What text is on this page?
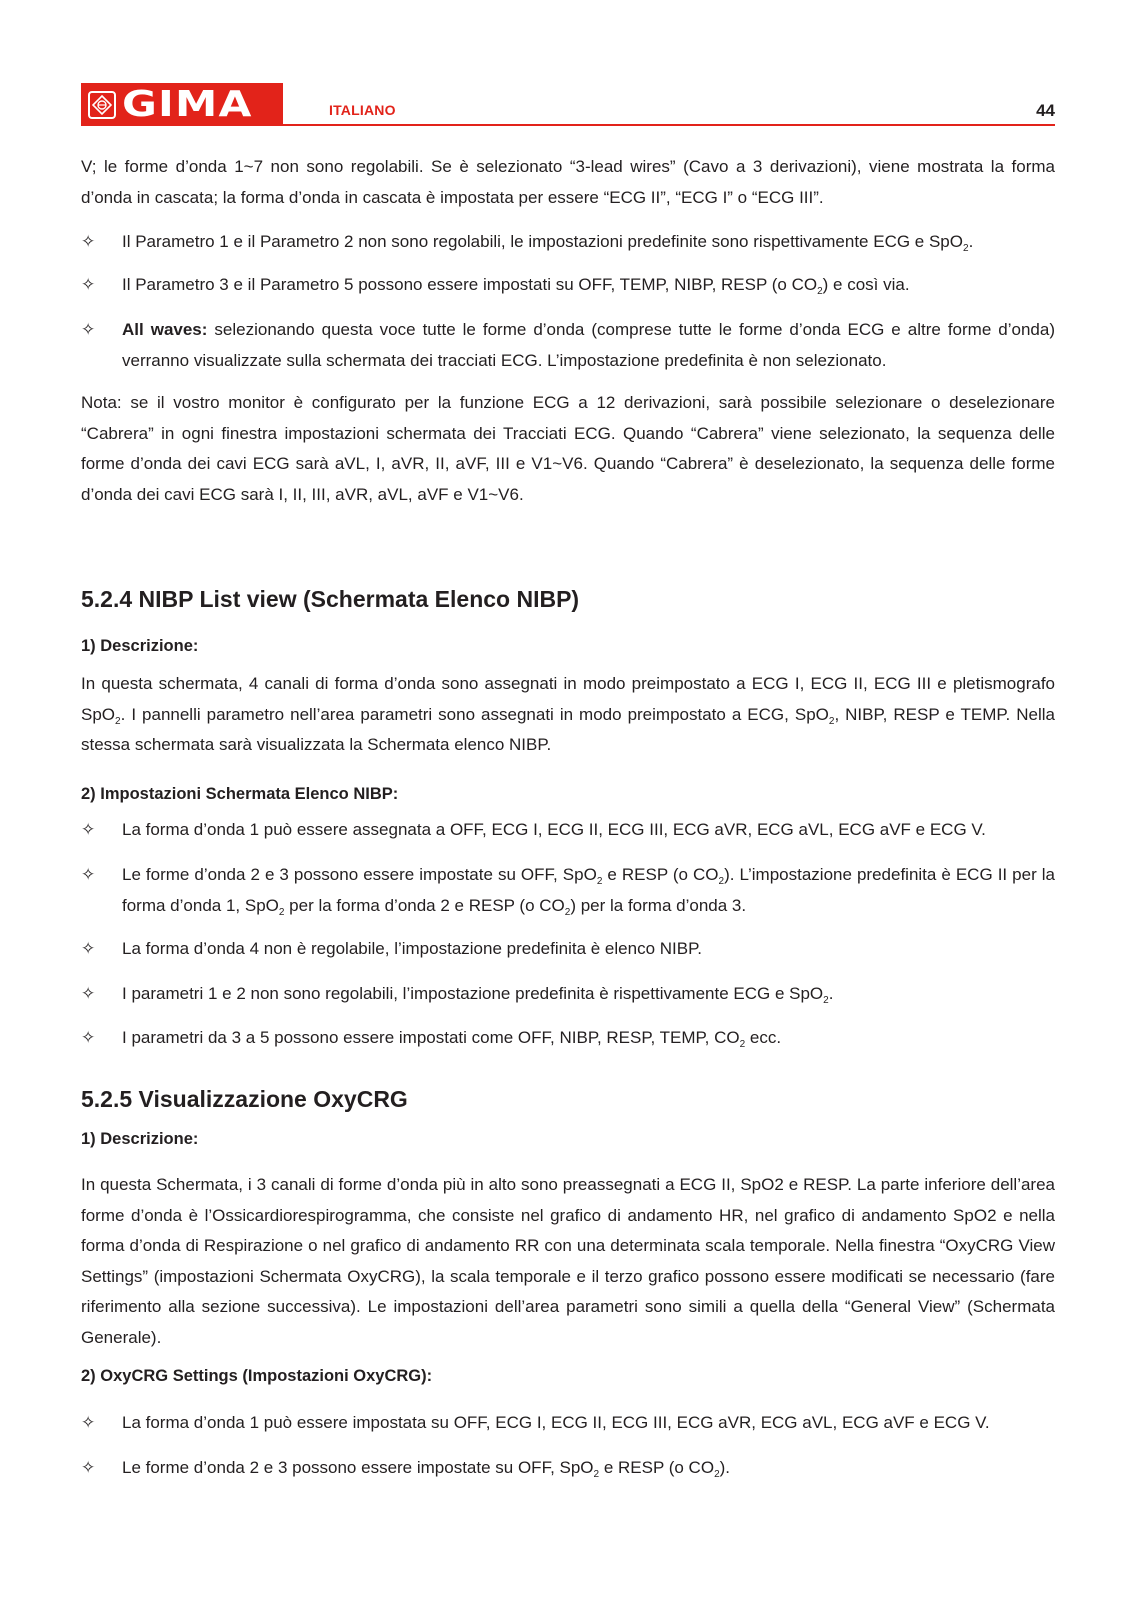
GIMA	ITALIANO	44
V; le forme d’onda 1~7 non sono regolabili. Se è selezionato “3-lead wires” (Cavo a 3 derivazioni), viene mostrata la forma d’onda in cascata; la forma d’onda in cascata è impostata per essere “ECG II”, “ECG I” o “ECG III”.
✧ Il Parametro 1 e il Parametro 2 non sono regolabili, le impostazioni predefinite sono rispettivamente ECG e SpO$_2$.
✧ Il Parametro 3 e il Parametro 5 possono essere impostati su OFF, TEMP, NIBP, RESP (o $CO_2$) e così via.
✧ All waves: selezionando questa voce tutte le forme d’onda (comprese tutte le forme d’onda ECG e altre forme d’onda) verranno visualizzate sulla schermata dei tracciati ECG. L’impostazione predefinita è non selezionato.
Nota: se il vostro monitor è configurato per la funzione ECG a 12 derivazioni, sarà possibile selezionare o deselezionare “Cabrera” in ogni finestra impostazioni schermata dei Tracciati ECG. Quando “Cabrera” viene selezionato, la sequenza delle forme d’onda dei cavi ECG sarà aVL, I, aVR, II, aVF, III e V1~V6. Quando “Cabrera” è deselezionato, la sequenza delle forme d’onda dei cavi ECG sarà I, II, III, aVR, aVL, aVF e V1~V6.
5.2.4 NIBP List view (Schermata Elenco NIBP)
1) Descrizione:
In questa schermata, 4 canali di forma d’onda sono assegnati in modo preimpostato a ECG I, ECG II, ECG III e pletismografo SpO$_2$. I pannelli parametro nell’area parametri sono assegnati in modo preimpostato a ECG, SpO$_2$, NIBP, RESP e TEMP. Nella stessa schermata sarà visualizzata la Schermata elenco NIBP.
2) Impostazioni Schermata Elenco NIBP:
✧ La forma d’onda 1 può essere assegnata a OFF, ECG I, ECG II, ECG III, ECG aVR, ECG aVL, ECG aVF e ECG V.
✧ Le forme d’onda 2 e 3 possono essere impostate su OFF, SpO$_2$ e RESP (o $CO_2$). L’impostazione predefinita è ECG II per la forma d’onda 1, SpO$_2$ per la forma d’onda 2 e RESP (o $CO_2$) per la forma d’onda 3.
✧ La forma d’onda 4 non è regolabile, l’impostazione predefinita è elenco NIBP.
✧ I parametri 1 e 2 non sono regolabili, l’impostazione predefinita è rispettivamente ECG e SpO$_2$.
✧ I parametri da 3 a 5 possono essere impostati come OFF, NIBP, RESP, TEMP, $CO_2$ ecc.
5.2.5 Visualizzazione OxyCRG
1) Descrizione:
In questa Schermata, i 3 canali di forme d’onda più in alto sono preassegnati a ECG II, SpO2 e RESP. La parte inferiore dell’area forme d’onda è l’Ossicardiorespirogramma, che consiste nel grafico di andamento HR, nel grafico di andamento SpO2 e nella forma d’onda di Respirazione o nel grafico di andamento RR con una determinata scala temporale. Nella finestra “OxyCRG View Settings” (impostazioni Schermata OxyCRG), la scala temporale e il terzo grafico possono essere modificati se necessario (fare riferimento alla sezione successiva). Le impostazioni dell’area parametri sono simili a quella della “General View” (Schermata Generale).
2) OxyCRG Settings (Impostazioni OxyCRG):
✧ La forma d’onda 1 può essere impostata su OFF, ECG I, ECG II, ECG III, ECG aVR, ECG aVL, ECG aVF e ECG V.
✧ Le forme d’onda 2 e 3 possono essere impostate su OFF, SpO$_2$ e RESP (o $CO_2$).
